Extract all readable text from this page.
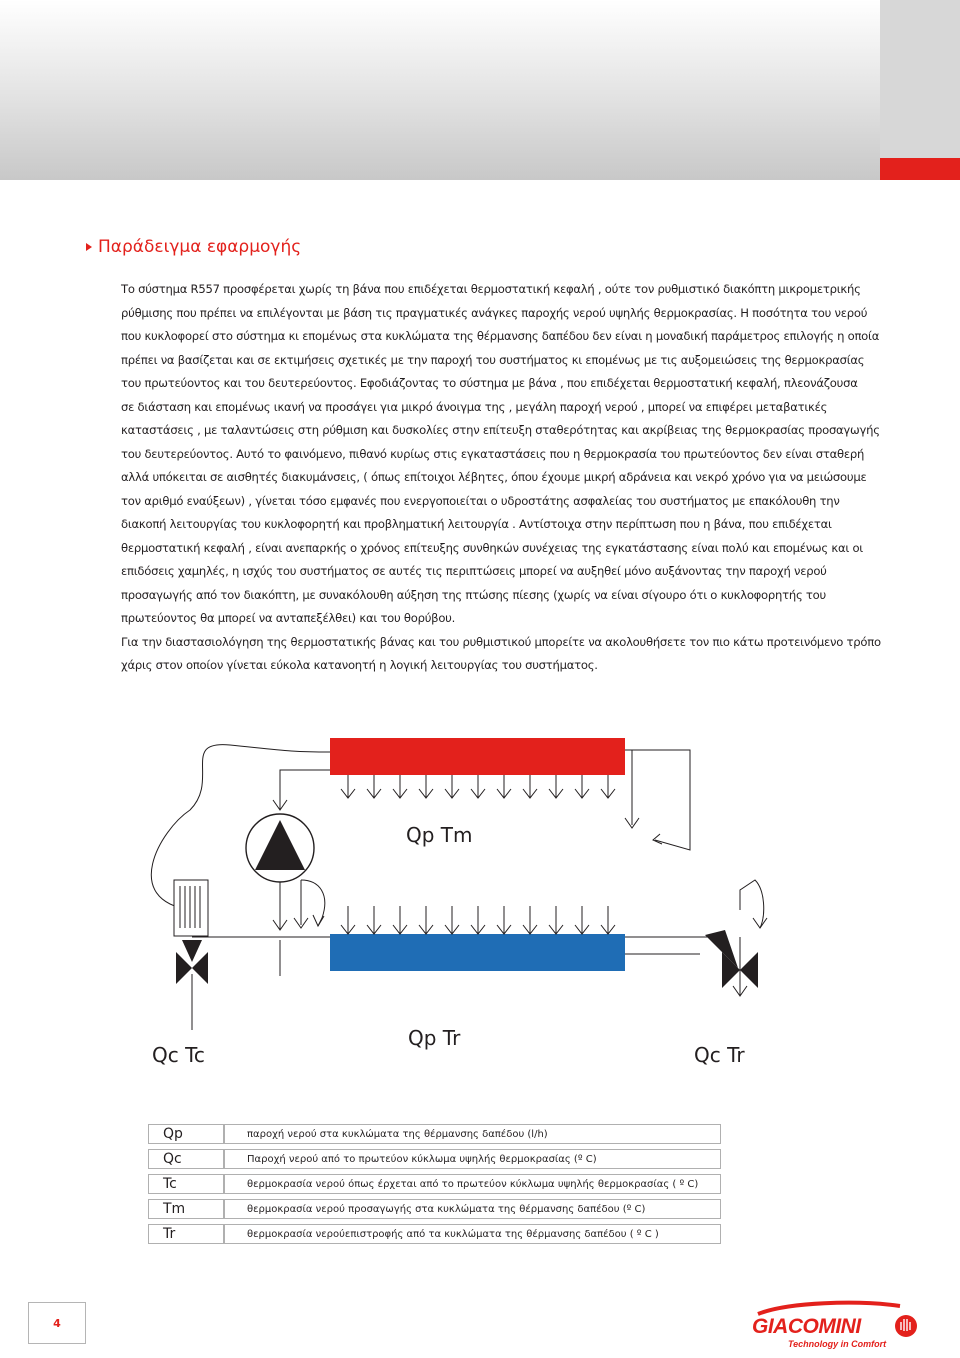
Παράδειγμα εφαρμογής

Το σύστημα R557 προσφέρεται χωρίς τη βάνα που επιδέχεται θερμοστατική κεφαλή , ούτε τον ρυθμιστικό διακόπτη μικρομετρικής ρύθμισης που πρέπει να επιλέγονται με βάση τις πραγματικές ανάγκες παροχής νερού υψηλής θερμοκρασίας. Η ποσότητα του νερού που κυκλοφορεί στο σύστημα κι επομένως στα κυκλώματα της θέρμανσης δαπέδου δεν είναι η μοναδική παράμετρος επιλογής η οποία πρέπει να βασίζεται και σε εκτιμήσεις σχετικές με την παροχή του συστήματος κι επομένως με τις αυξομειώσεις της θερμοκρασίας του πρωτεύοντος και του δευτερεύοντος. Εφοδιάζοντας το σύστημα με βάνα , που επιδέχεται θερμοστατική κεφαλή, πλεονάζουσα

σε διάσταση και επομένως ικανή να προσάγει για μικρό άνοιγμα της , μεγάλη παροχή νερού , μπορεί να επιφέρει μεταβατικές καταστάσεις , με ταλαντώσεις στη ρύθμιση και δυσκολίες στην επίτευξη σταθερότητας και ακρίβειας της θερμοκρασίας προσαγωγής του δευτερεύοντος. Αυτό το φαινόμενο, πιθανό κυρίως στις εγκαταστάσεις που η θερμοκρασία του πρωτεύοντος δεν είναι σταθερή αλλά υπόκειται σε αισθητές διακυμάνσεις, ( όπως επίτοιχοι λέβητες, όπου έχουμε μικρή αδράνεια και νεκρό χρόνο για να μειώσουμε τον αριθμό εναύξεων) , γίνεται τόσο εμφανές που ενεργοποιείται ο υδροστάτης ασφαλείας του συστήματος με επακόλουθη την διακοπή λειτουργίας του κυκλοφορητή και προβληματική λειτουργία . Αντίστοιχα στην περίπτωση που η βάνα, που επιδέχεται θερμοστατική κεφαλή , είναι ανεπαρκής ο χρόνος επίτευξης συνθηκών συνέχειας της εγκατάστασης είναι πολύ και επομένως και οι επιδόσεις χαμηλές, η ισχύς του συστήματος σε αυτές τις περιπτώσεις μπορεί να αυξηθεί μόνο αυξάνοντας την παροχή νερού προσαγωγής από τον διακόπτη, με συνακόλουθη αύξηση της πτώσης πίεσης (χωρίς να είναι σίγουρο ότι ο κυκλοφορητής του πρωτεύοντος θα μπορεί να ανταπεξέλθει) και του θορύβου.

Για την διαστασιολόγηση της θερμοστατικής βάνας και του ρυθμιστικού μπορείτε να ακολουθήσετε τον πιο κάτω προτεινόμενο τρόπο χάρις στον οποίον γίνεται εύκολα κατανοητή η λογική λειτουργίας του συστήματος.

Qp Tm
Qp Tr
Qc Tc	Qc Tr
Qp	παροχή νερού στα κυκλώματα της θέρμανσης δαπέδου (l/h)
Qc	Παροχή νερού από το πρωτεύον κύκλωμα υψηλής θερμοκρασίας (º C)
Tc	θερμοκρασία νερού όπως έρχεται από το πρωτεύον κύκλωμα υψηλής θερμοκρασίας ( º C)
Tm	θερμοκρασία νερού προσαγωγής στα κυκλώματα της θέρμανσης δαπέδου (º C)
Tr	θερμοκρασία νερούεπιστροφής από τα κυκλώματα της θέρμανσης δαπέδου ( º C )
4	GIACOMINI
Technology in Comfort
